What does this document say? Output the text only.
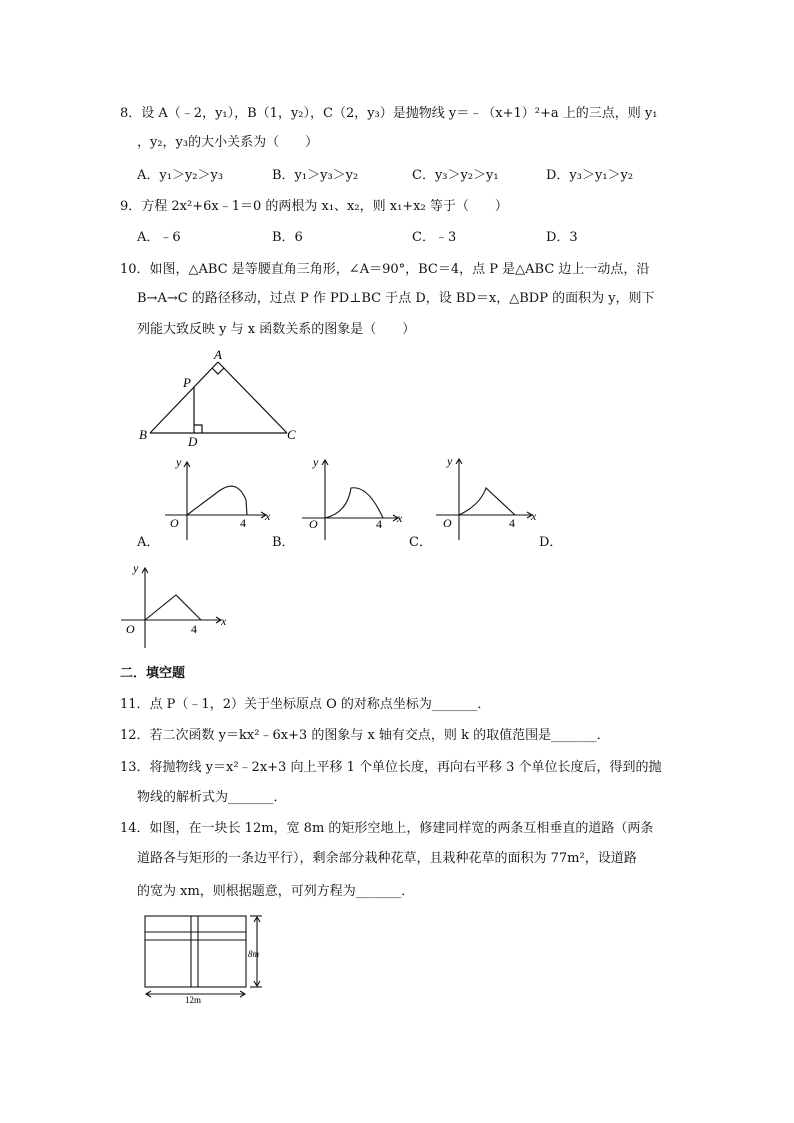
8．设 A（﹣2，y₁），B（1，y₂），C（2，y₃）是抛物线 y＝﹣（x+1）²+a 上的三点，则 y₁
，y₂，y₃的大小关系为（　　）
A．y₁＞y₂＞y₃	B．y₁＞y₃＞y₂	C．y₃＞y₂＞y₁	D．y₃＞y₁＞y₂
9．方程 2x²+6x﹣1＝0 的两根为 x₁、x₂，则 x₁+x₂ 等于（　　）
A．﹣6	B．6	C．﹣3	D．3
10．如图，△ABC 是等腰直角三角形，∠A＝90°，BC＝4，点 P 是△ABC 边上一动点，沿
B→A→C 的路径移动，过点 P 作 PD⊥BC 于点 D，设 BD＝x，△BDP 的面积为 y，则下
列能大致反映 y 与 x 函数关系的图象是（　　）
A
P
B	D	C
y
O	4 x
y
O	4 x
y
O	4 x
A．	B．	C．	D．
y
O	4
x
二．填空题
11．点 P（﹣1，2）关于坐标原点 O 的对称点坐标为_______．
12．若二次函数 y＝kx²﹣6x+3 的图象与 x 轴有交点，则 k 的取值范围是_______．
13．将抛物线 y＝x²﹣2x+3 向上平移 1 个单位长度，再向右平移 3 个单位长度后，得到的抛
物线的解析式为_______．
14．如图，在一块长 12m，宽 8m 的矩形空地上，修建同样宽的两条互相垂直的道路（两条
道路各与矩形的一条边平行），剩余部分栽种花草，且栽种花草的面积为 77m²，设道路
的宽为 xm，则根据题意，可列方程为_______．
8m
12m
